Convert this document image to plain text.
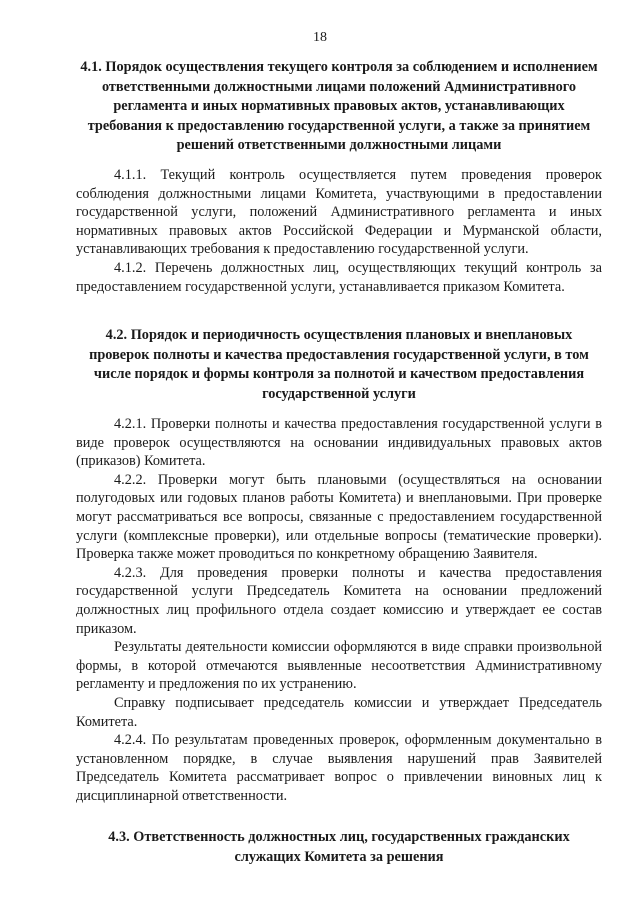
18
4.1. Порядок осуществления текущего контроля за соблюдением и исполнением ответственными должностными лицами положений Административного регламента и иных нормативных правовых актов, устанавливающих требования к предоставлению государственной услуги, а также за принятием решений ответственными должностными лицами

4.1.1. Текущий контроль осуществляется путем проведения проверок соблюдения должностными лицами Комитета, участвующими в предоставлении государственной услуги, положений Административного регламента и иных нормативных правовых актов Российской Федерации и Мурманской области, устанавливающих требования к предоставлению государственной услуги.

4.1.2. Перечень должностных лиц, осуществляющих текущий контроль за предоставлением государственной услуги, устанавливается приказом Комитета.

4.2. Порядок и периодичность осуществления плановых и внеплановых проверок полноты и качества предоставления государственной услуги, в том числе порядок и формы контроля за полнотой и качеством предоставления государственной услуги

4.2.1. Проверки полноты и качества предоставления государственной услуги в виде проверок осуществляются на основании индивидуальных правовых актов (приказов) Комитета.

4.2.2. Проверки могут быть плановыми (осуществляться на основании полугодовых или годовых планов работы Комитета) и внеплановыми. При проверке могут рассматриваться все вопросы, связанные с предоставлением государственной услуги (комплексные проверки), или отдельные вопросы (тематические проверки). Проверка также может проводиться по конкретному обращению Заявителя.

4.2.3. Для проведения проверки полноты и качества предоставления государственной услуги Председатель Комитета на основании предложений должностных лиц профильного отдела создает комиссию и утверждает ее состав приказом.

Результаты деятельности комиссии оформляются в виде справки произвольной формы, в которой отмечаются выявленные несоответствия Административному регламенту и предложения по их устранению.

Справку подписывает председатель комиссии и утверждает Председатель Комитета.

4.2.4. По результатам проведенных проверок, оформленным документально в установленном порядке, в случае выявления нарушений прав Заявителей Председатель Комитета рассматривает вопрос о привлечении виновных лиц к дисциплинарной ответственности.

4.3. Ответственность должностных лиц, государственных гражданских служащих Комитета за решения
